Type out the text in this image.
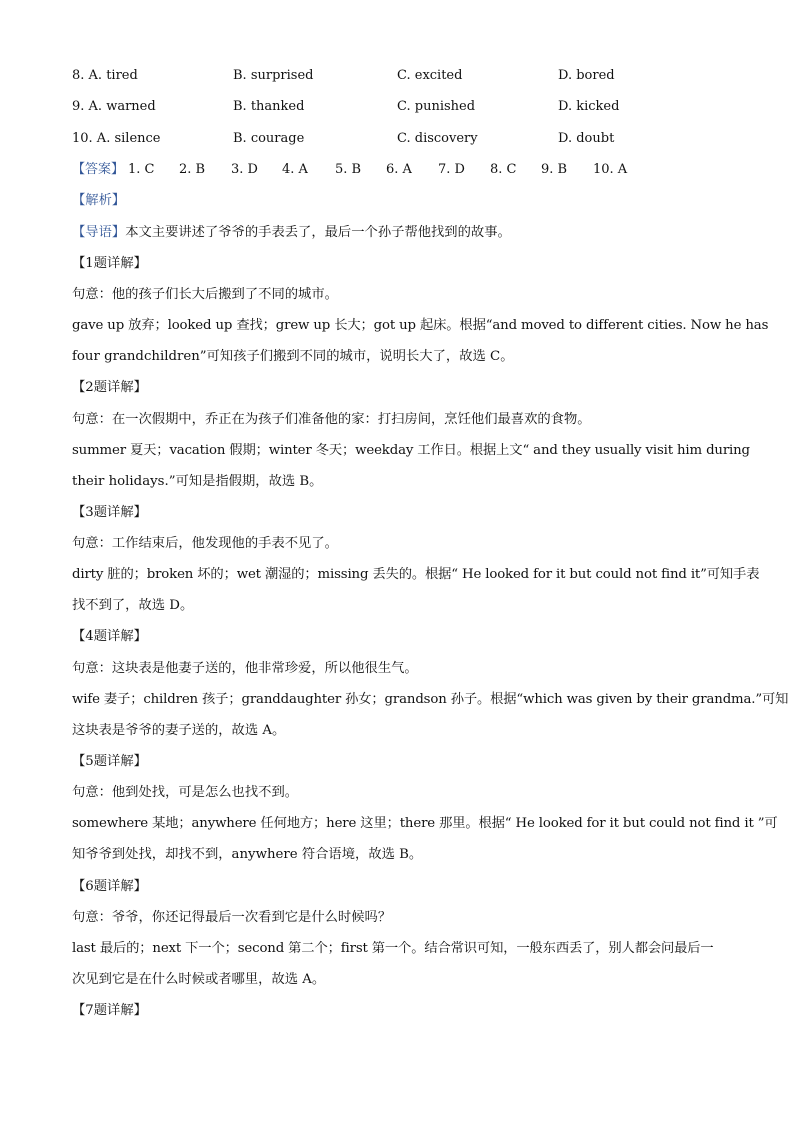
8. A. tired	B. surprised	C. excited	D. bored
9. A. warned	B. thanked	C. punished	D. kicked
10. A. silence	B. courage	C. discovery	D. doubt
【答案】 1. C 2. B 3. D 4. A 5. B 6. A 7. D 8. C 9. B 10. A
【解析】
【导语】本文主要讲述了爷爷的手表丢了，最后一个孙子帮他找到的故事。
【1题详解】
句意：他的孩子们长大后搬到了不同的城市。
gave up 放弃；looked up 查找；grew up 长大；got up 起床。根据“and moved to different cities. Now he has
four grandchildren”可知孩子们搬到不同的城市，说明长大了，故选 C。
【2题详解】
句意：在一次假期中，乔正在为孩子们准备他的家：打扫房间，烹饪他们最喜欢的食物。
summer 夏天；vacation 假期；winter 冬天；weekday 工作日。根据上文“ and they usually visit him during
their holidays.”可知是指假期，故选 B。
【3题详解】
句意：工作结束后，他发现他的手表不见了。
dirty 脏的；broken 坏的；wet 潮湿的；missing 丢失的。根据“ He looked for it but could not find it”可知手表
找不到了，故选 D。
【4题详解】
句意：这块表是他妻子送的，他非常珍爱，所以他很生气。
wife 妻子；children 孩子；granddaughter 孙女；grandson 孙子。根据“which was given by their grandma.”可知
这块表是爷爷的妻子送的，故选 A。
【5题详解】
句意：他到处找，可是怎么也找不到。
somewhere 某地；anywhere 任何地方；here 这里；there 那里。根据“ He looked for it but could not find it ”可
知爷爷到处找，却找不到，anywhere 符合语境，故选 B。
【6题详解】
句意：爷爷，你还记得最后一次看到它是什么时候吗？
last 最后的；next 下一个；second 第二个；first 第一个。结合常识可知，一般东西丢了，别人都会问最后一
次见到它是在什么时候或者哪里，故选 A。
【7题详解】
